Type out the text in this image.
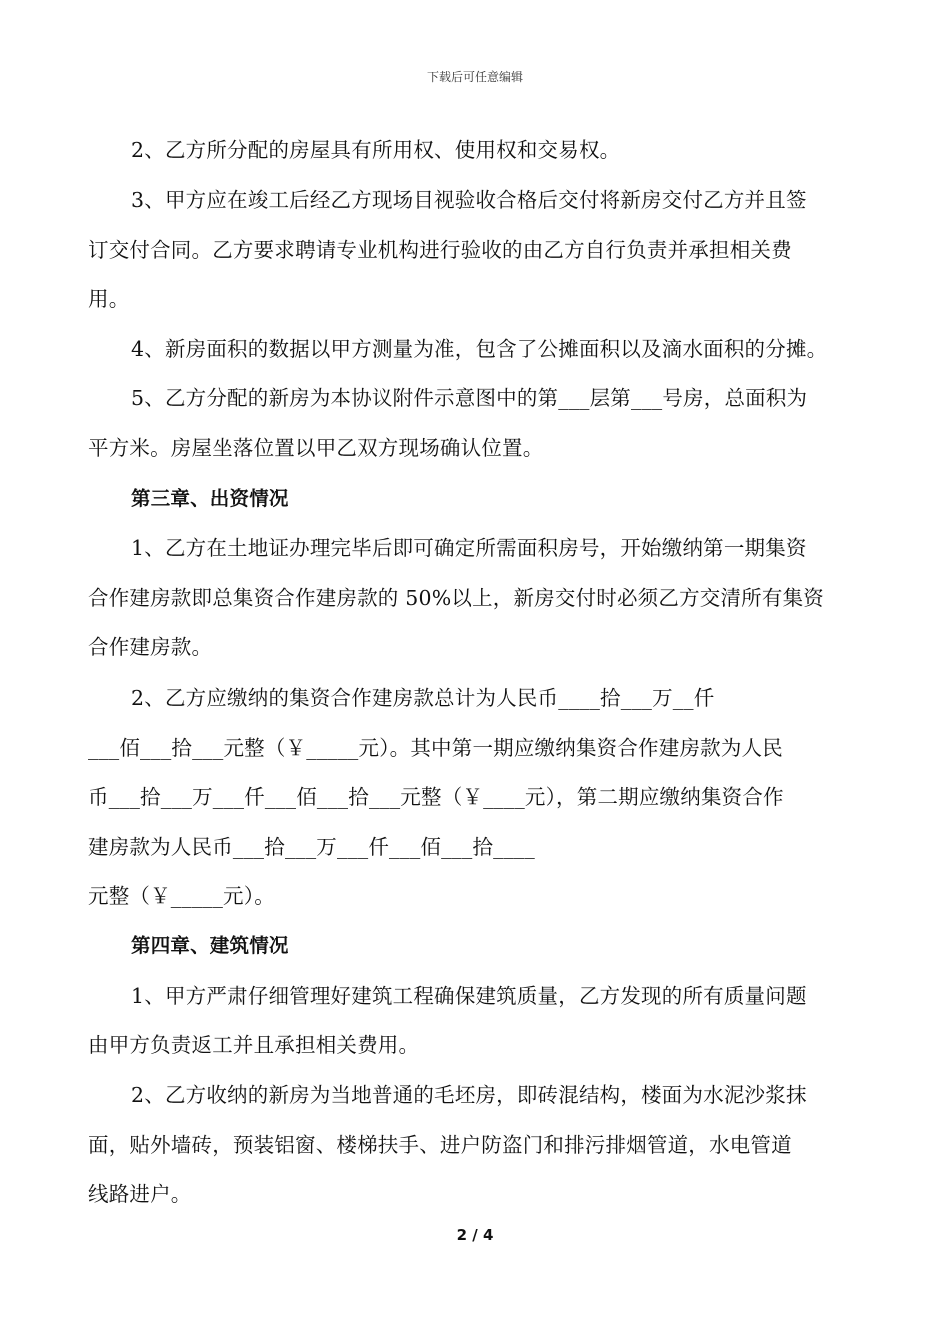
下载后可任意编辑
2、乙方所分配的房屋具有所用权、使用权和交易权。
3、甲方应在竣工后经乙方现场目视验收合格后交付将新房交付乙方并且签
订交付合同。乙方要求聘请专业机构进行验收的由乙方自行负责并承担相关费
用。
4、新房面积的数据以甲方测量为准，包含了公摊面积以及滴水面积的分摊。
5、乙方分配的新房为本协议附件示意图中的第___层第___号房，总面积为
平方米。房屋坐落位置以甲乙双方现场确认位置。
第三章、出资情况
1、乙方在土地证办理完毕后即可确定所需面积房号，开始缴纳第一期集资
合作建房款即总集资合作建房款的 50%以上，新房交付时必须乙方交清所有集资
合作建房款。
2、乙方应缴纳的集资合作建房款总计为人民币____拾___万__仟
___佰___拾___元整（￥_____元）。其中第一期应缴纳集资合作建房款为人民
币___拾___万___仟___佰___拾___元整（￥____元），第二期应缴纳集资合作
建房款为人民币___拾___万___仟___佰___拾____
元整（￥_____元）。
第四章、建筑情况
1、甲方严肃仔细管理好建筑工程确保建筑质量，乙方发现的所有质量问题
由甲方负责返工并且承担相关费用。
2、乙方收纳的新房为当地普通的毛坯房，即砖混结构，楼面为水泥沙浆抹
面，贴外墙砖，预装铝窗、楼梯扶手、进户防盗门和排污排烟管道，水电管道
线路进户。
2 / 4
